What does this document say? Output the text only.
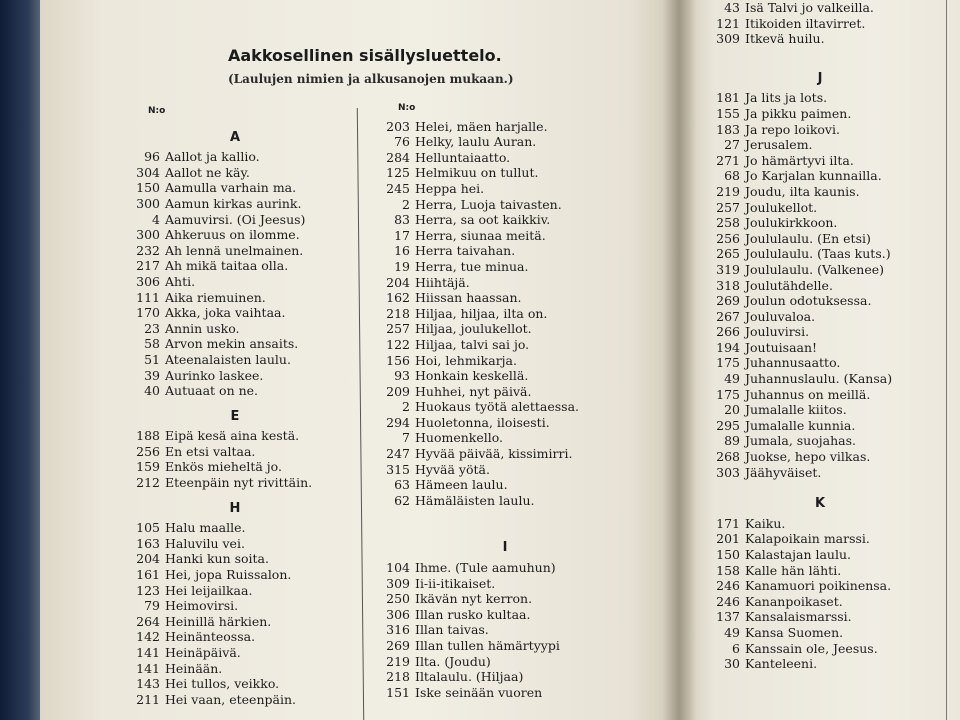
Aakkosellinen sisällysluettelo.
(Laulujen nimien ja alkusanojen mukaan.)
N:o
A
96 Aallot ja kallio.
304 Aallot ne käy.
150 Aamulla varhain ma.
300 Aamun kirkas aurink.
4 Aamuvirsi. (Oi Jeesus)
300 Ahkeruus on ilomme.
232 Ah lennä unelmainen.
217 Ah mikä taitaa olla.
306 Ahti.
111 Aika riemuinen.
170 Akka, joka vaihtaa.
23 Annin usko.
58 Arvon mekin ansaits.
51 Ateenalaisten laulu.
39 Aurinko laskee.
40 Autuaat on ne.
E
188 Eipä kesä aina kestä.
256 En etsi valtaa.
159 Enkös mieheltä jo.
212 Eteenpäin nyt rivittäin.
H
105 Halu maalle.
163 Haluvilu vei.
204 Hanki kun soita.
161 Hei, jopa Ruissalon.
123 Hei leijailkaa.
79 Heimovirsi.
264 Heinillä härkien.
142 Heinänteossa.
141 Heinäpäivä.
141 Heinään.
143 Hei tullos, veikko.
211 Hei vaan, eteenpäin.
N:o
203 Helei, mäen harjalle.
76 Helky, laulu Auran.
284 Helluntaiaatto.
125 Helmikuu on tullut.
245 Heppa hei.
2 Herra, Luoja taivasten.
83 Herra, sa oot kaikkiv.
17 Herra, siunaa meitä.
16 Herra taivahan.
19 Herra, tue minua.
204 Hiihtäjä.
162 Hiissan haassan.
218 Hiljaa, hiljaa, ilta on.
257 Hiljaa, joulukellot.
122 Hiljaa, talvi sai jo.
156 Hoi, lehmikarja.
93 Honkain keskellä.
209 Huhhei, nyt päivä.
2 Huokaus työtä alettaessa.
294 Huoletonna, iloisesti.
7 Huomenkello.
247 Hyvää päivää, kissimirri.
315 Hyvää yötä.
63 Hämeen laulu.
62 Hämäläisten laulu.
I
104 Ihme. (Tule aamuhun)
309 Ii-ii-itikaiset.
250 Ikävän nyt kerron.
306 Illan rusko kultaa.
316 Illan taivas.
269 Illan tullen hämärtyypi
219 Ilta. (Joudu)
218 Iltalaulu. (Hiljaa)
151 Iske seinään vuoren
43 Isä Talvi jo valkeilla.
121 Itikoiden iltavirret.
309 Itkevä huilu.
J
181 Ja lits ja lots.
155 Ja pikku paimen.
183 Ja repo loikovi.
27 Jerusalem.
271 Jo hämärtyvi ilta.
68 Jo Karjalan kunnailla.
219 Joudu, ilta kaunis.
257 Joulukellot.
258 Joulukirkkoon.
256 Joululaulu. (En etsi)
265 Joululaulu. (Taas kuts.)
319 Joululaulu. (Valkenee)
318 Joulutähdelle.
269 Joulun odotuksessa.
267 Jouluvaloa.
266 Jouluvirsi.
194 Joutuisaan!
175 Juhannusaatto.
49 Juhannuslaulu. (Kansa)
175 Juhannus on meillä.
20 Jumalalle kiitos.
295 Jumalalle kunnia.
89 Jumala, suojahas.
268 Juokse, hepo vilkas.
303 Jäähyväiset.
K
171 Kaiku.
201 Kalapoikain marssi.
150 Kalastajan laulu.
158 Kalle hän lähti.
246 Kanamuori poikinensa.
246 Kananpoikaset.
137 Kansalaismarssi.
49 Kansa Suomen.
6 Kanssain ole, Jeesus.
30 Kanteleeni.
